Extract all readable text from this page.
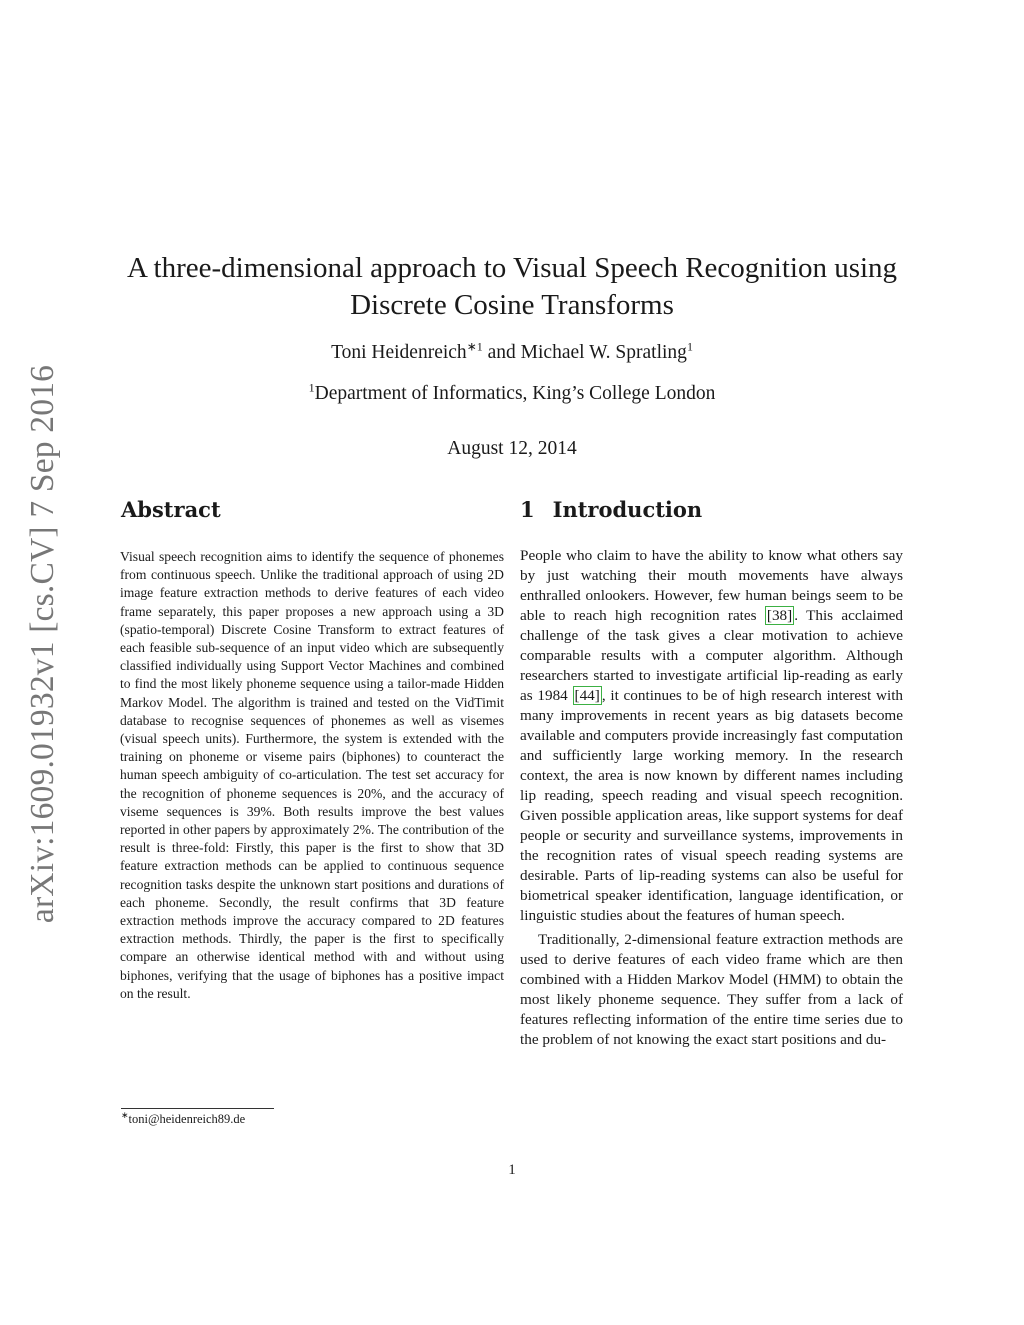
arXiv:1609.01932v1 [cs.CV] 7 Sep 2016
A three-dimensional approach to Visual Speech Recognition using Discrete Cosine Transforms
Toni Heidenreich$^{∗1}$ and Michael W. Spratling$^1$
$^1$Department of Informatics, King’s College London
August 12, 2014
Abstract

Visual speech recognition aims to identify the sequence of phonemes from continuous speech. Unlike the traditional approach of using 2D image feature extraction methods to derive features of each video frame separately, this paper proposes a new approach using a 3D (spatio-temporal) Discrete Cosine Transform to extract features of each feasible sub-sequence of an input video which are subsequently classified individually using Support Vector Machines and combined to find the most likely phoneme sequence using a tailor-made Hidden Markov Model. The algorithm is trained and tested on the VidTimit database to recognise sequences of phonemes as well as visemes (visual speech units). Furthermore, the system is extended with the training on phoneme or viseme pairs (biphones) to counteract the human speech ambiguity of co-articulation. The test set accuracy for the recognition of phoneme sequences is 20%, and the accuracy of viseme sequences is 39%. Both results improve the best values reported in other papers by approximately 2%. The contribution of the result is three-fold: Firstly, this paper is the first to show that 3D feature extraction methods can be applied to continuous sequence recognition tasks despite the unknown start positions and durations of each phoneme. Secondly, the result confirms that 3D feature extraction methods improve the accuracy compared to 2D features extraction methods. Thirdly, the paper is the first to specifically compare an otherwise identical method with and without using biphones, verifying that the usage of biphones has a positive impact on the result.

∗toni@heidenreich89.de
1 Introduction

People who claim to have the ability to know what others say by just watching their mouth movements have always enthralled onlookers. However, few human beings seem to be able to reach high recognition rates [38] . This acclaimed challenge of the task gives a clear motivation to achieve comparable results with a computer algorithm. Although researchers started to investigate artificial lip-reading as early as 1984 [44] , it continues to be of high research interest with many improvements in recent years as big datasets become available and computers provide increasingly fast computation and sufficiently large working memory. In the research context, the area is now known by different names including lip reading, speech reading and visual speech recognition. Given possible application areas, like support systems for deaf people or security and surveillance systems, improvements in the recognition rates of visual speech reading systems are desirable. Parts of lip-reading systems can also be useful for biometrical speaker identification, language identification, or linguistic studies about the features of human speech.

Traditionally, 2-dimensional feature extraction methods are used to derive features of each video frame which are then combined with a Hidden Markov Model (HMM) to obtain the most likely phoneme sequence. They suffer from a lack of features reflecting information of the entire time series due to the problem of not knowing the exact start positions and du-

1
